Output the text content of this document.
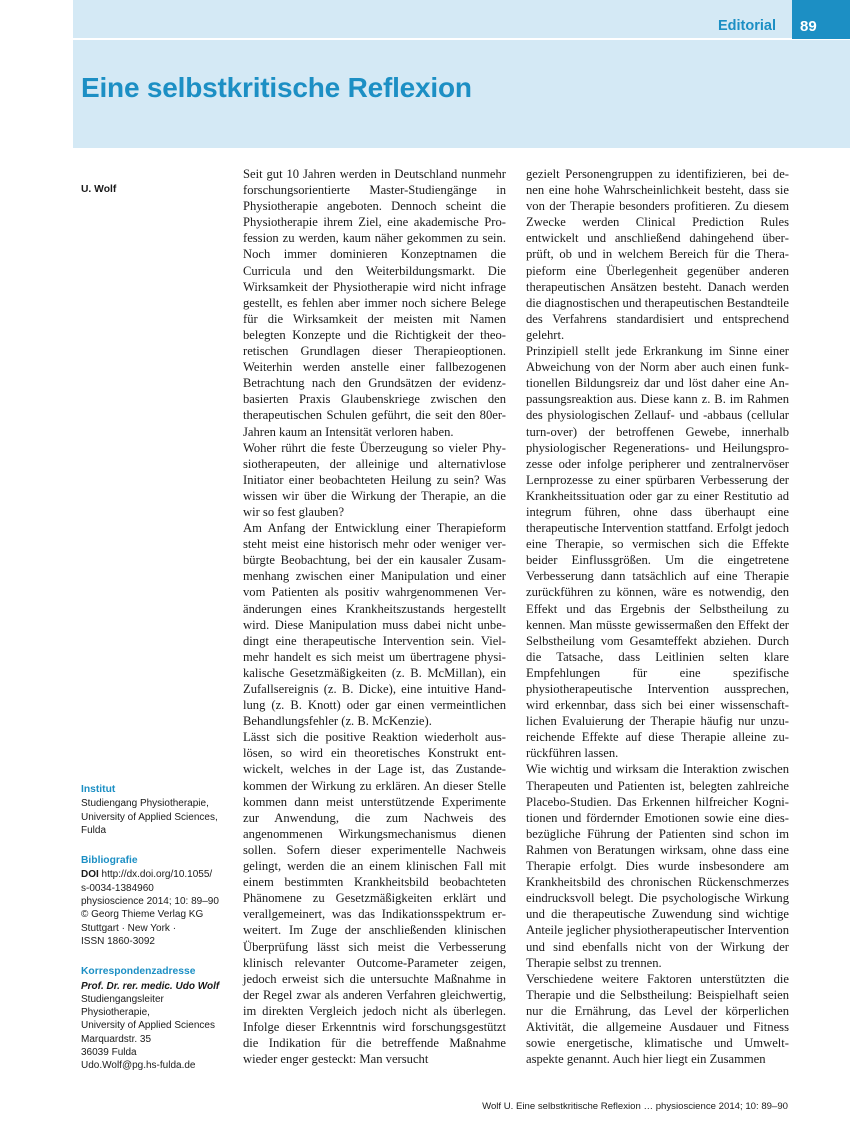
Editorial	89
Eine selbstkritische Reflexion
U. Wolf
Institut
Studiengang Physiotherapie,
University of Applied Sciences,
Fulda
Bibliografie
DOI http://dx.doi.org/10.1055/
s-0034-1384960
physioscience 2014; 10: 89–90
© Georg Thieme Verlag KG
Stuttgart · New York ·
ISSN 1860-3092
Korrespondenzadresse
Prof. Dr. rer. medic. Udo Wolf
Studiengangsleiter
Physiotherapie,
University of Applied Sciences
Marquardstr. 35
36039 Fulda
Udo.Wolf@pg.hs-fulda.de

Seit gut 10 Jahren werden in Deutschland nunmehr forschungsorientierte Master-Studiengänge in Physiotherapie angeboten. Dennoch scheint die Physiotherapie ihrem Ziel, eine akademische Profession zu werden, kaum näher gekommen zu sein. Noch immer dominieren Konzeptnamen die Curricula und den Weiterbildungsmarkt. Die Wirksamkeit der Physiotherapie wird nicht infrage gestellt, es fehlen aber immer noch sichere Belege für die Wirksamkeit der meisten mit Namen belegten Konzepte und die Richtigkeit der theoretischen Grundlagen dieser Therapieoptionen. Weiterhin werden anstelle einer fallbezogenen Betrachtung nach den Grundsätzen der evidenzbasierten Praxis Glaubenskriege zwischen den therapeutischen Schulen geführt, die seit den 80er-Jahren kaum an Intensität verloren haben.

Woher rührt die feste Überzeugung so vieler Physiotherapeuten, der alleinige und alternativlose Initiator einer beobachteten Heilung zu sein? Was wissen wir über die Wirkung der Therapie, an die wir so fest glauben?

Am Anfang der Entwicklung einer Therapieform steht meist eine historisch mehr oder weniger verbürgte Beobachtung, bei der ein kausaler Zusammenhang zwischen einer Manipulation und einer vom Patienten als positiv wahrgenommenen Veränderungen eines Krankheitszustands hergestellt wird. Diese Manipulation muss dabei nicht unbedingt eine therapeutische Intervention sein. Vielmehr handelt es sich meist um übertragene physikalische Gesetzmäßigkeiten (z. B. McMillan), ein Zufallsereignis (z. B. Dicke), eine intuitive Handlung (z. B. Knott) oder gar einen vermeintlichen Behandlungsfehler (z. B. McKenzie).

Lässt sich die positive Reaktion wiederholt auslösen, so wird ein theoretisches Konstrukt entwickelt, welches in der Lage ist, das Zustandekommen der Wirkung zu erklären. An dieser Stelle kommen dann meist unterstützende Experimente zur Anwendung, die zum Nachweis des angenommenen Wirkungsmechanismus dienen sollen. Sofern dieser experimentelle Nachweis gelingt, werden die an einem klinischen Fall mit einem bestimmten Krankheitsbild beobachteten Phänomene zu Gesetzmäßigkeiten erklärt und verallgemeinert, was das Indikationsspektrum erweitert. Im Zuge der anschließenden klinischen Überprüfung lässt sich meist die Verbesserung klinisch relevanter Outcome-Parameter zeigen, jedoch erweist sich die untersuchte Maßnahme in der Regel zwar als anderen Verfahren gleichwertig, im direkten Vergleich jedoch nicht als überlegen. Infolge dieser Erkenntnis wird forschungsgestützt die Indikation für die betreffende Maßnahme wieder enger gesteckt: Man versucht

gezielt Personengruppen zu identifizieren, bei denen eine hohe Wahrscheinlichkeit besteht, dass sie von der Therapie besonders profitieren. Zu diesem Zwecke werden Clinical Prediction Rules entwickelt und anschließend dahingehend überprüft, ob und in welchem Bereich für die Therapieform eine Überlegenheit gegenüber anderen therapeutischen Ansätzen besteht. Danach werden die diagnostischen und therapeutischen Bestandteile des Verfahrens standardisiert und entsprechend gelehrt.

Prinzipiell stellt jede Erkrankung im Sinne einer Abweichung von der Norm aber auch einen funktionellen Bildungsreiz dar und löst daher eine Anpassungsreaktion aus. Diese kann z. B. im Rahmen des physiologischen Zellauf- und -abbaus (cellular turn-over) der betroffenen Gewebe, innerhalb physiologischer Regenerations- und Heilungsprozesse oder infolge peripherer und zentralnervöser Lernprozesse zu einer spürbaren Verbesserung der Krankheitssituation oder gar zu einer Restitutio ad integrum führen, ohne dass überhaupt eine therapeutische Intervention stattfand. Erfolgt jedoch eine Therapie, so vermischen sich die Effekte beider Einflussgrößen. Um die eingetretene Verbesserung dann tatsächlich auf eine Therapie zurückführen zu können, wäre es notwendig, den Effekt und das Ergebnis der Selbstheilung zu kennen. Man müsste gewissermaßen den Effekt der Selbstheilung vom Gesamteffekt abziehen. Durch die Tatsache, dass Leitlinien selten klare Empfehlungen für eine spezifische physiotherapeutische Intervention aussprechen, wird erkennbar, dass sich bei einer wissenschaftlichen Evaluierung der Therapie häufig nur unzureichende Effekte auf diese Therapie alleine zurückführen lassen.

Wie wichtig und wirksam die Interaktion zwischen Therapeuten und Patienten ist, belegten zahlreiche Placebo-Studien. Das Erkennen hilfreicher Kognitionen und fördernder Emotionen sowie eine diesbezügliche Führung der Patienten sind schon im Rahmen von Beratungen wirksam, ohne dass eine Therapie erfolgt. Dies wurde insbesondere am Krankheitsbild des chronischen Rückenschmerzes eindrucksvoll belegt. Die psychologische Wirkung und die therapeutische Zuwendung sind wichtige Anteile jeglicher physiotherapeutischer Intervention und sind ebenfalls nicht von der Wirkung der Therapie selbst zu trennen.

Verschiedene weitere Faktoren unterstützten die Therapie und die Selbstheilung: Beispielhaft seien nur die Ernährung, das Level der körperlichen Aktivität, die allgemeine Ausdauer und Fitness sowie energetische, klimatische und Umweltaspekte genannt. Auch hier liegt ein Zusammen

Wolf U. Eine selbstkritische Reflexion … physioscience 2014; 10: 89–90
